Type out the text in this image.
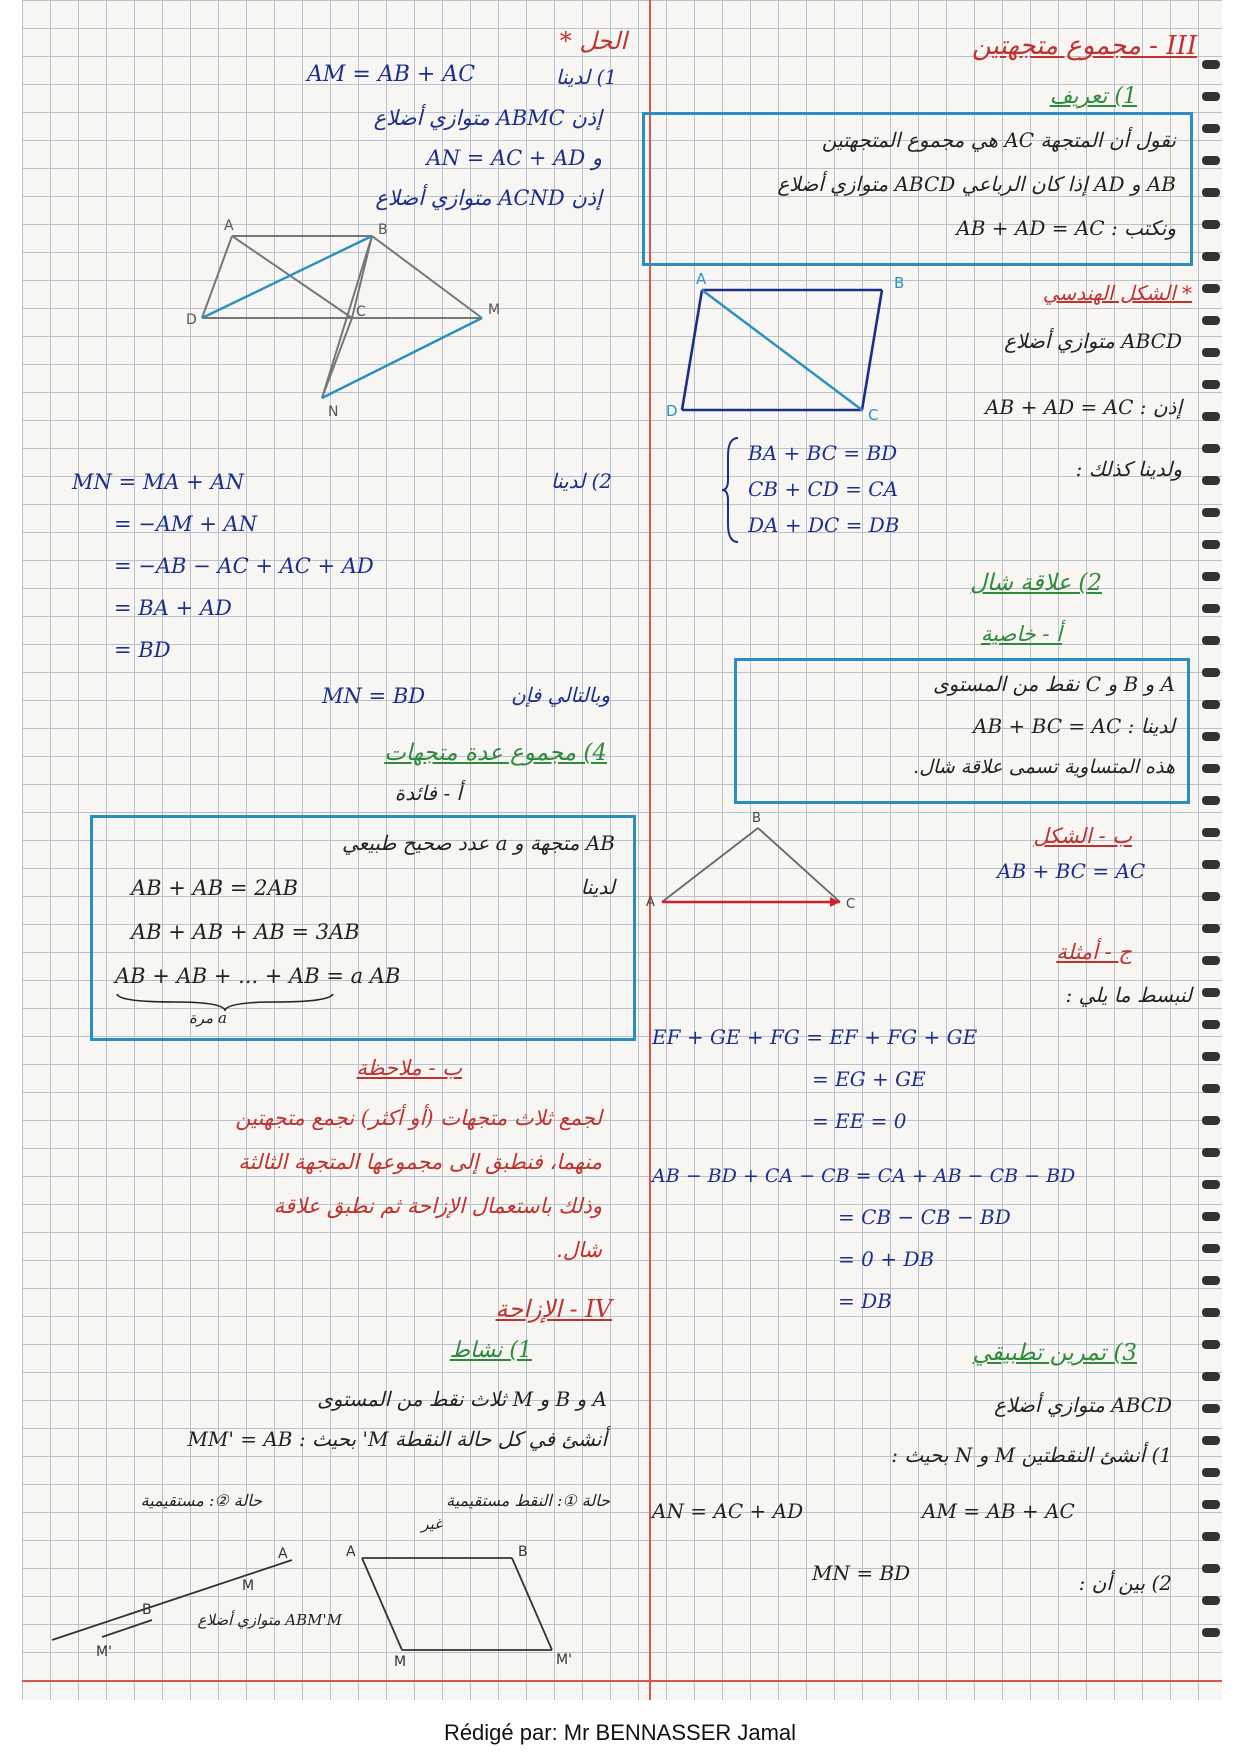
الحل *
1) لدينا
AM = AB + AC
إذن ABMC متوازي أضلاع
و AN = AC + AD
إذن ACND متوازي أضلاع
A	B
D	C	M
N
2) لدينا
MN = MA + AN
= −AM + AN
= −AB − AC + AC + AD
= BA + AD
= BD
وبالتالي فإن
MN = BD
4) مجموع عدة متجهات
أ - فائدة
AB متجهة و a عدد صحيح طبيعي
لدينا
AB + AB = 2AB
AB + AB + AB = 3AB
AB + AB + ... + AB = a AB
a مرة
ب - ملاحظة
لجمع ثلاث متجهات (أو أكثر) نجمع متجهتين
منهما، فنطبق إلى مجموعها المتجهة الثالثة
وذلك باستعمال الإزاحة ثم نطبق علاقة
شال.
IV - الإزاحة
1) نشاط
A و B و M ثلاث نقط من المستوى
أنشئ في كل حالة النقطة M' بحيث : MM' = AB
حالة ①: النقط مستقيمية
غير
حالة ②: مستقيمية
A
B
M
M'
A
M
B
M'
ABM'M متوازي أضلاع
III - مجموع متجهتين
1) تعريف
نقول أن المتجهة AC هي مجموع المتجهتين
AB و AD إذا كان الرباعي ABCD متوازي أضلاع
ونكتب : AB + AD = AC
* الشكل الهندسي
ABCD متوازي أضلاع
إذن : AB + AD = AC
ولدينا كذلك :
A	B
C
D
BA + BC = BD
CB + CD = CA
DA + DC = DB
2) علاقة شال
أ - خاصية
A و B و C نقط من المستوى
لدينا : AB + BC = AC
هذه المتساوية تسمى علاقة شال.
ب - الشكل
AB + BC = AC
A
B
C
ج - أمثلة
لنبسط ما يلي :
EF + GE + FG = EF + FG + GE
= EG + GE
= EE = 0
AB − BD + CA − CB = CA + AB − CB − BD
= CB − CB − BD
= 0 + DB
= DB
3) تمرين تطبيقي
ABCD متوازي أضلاع
1) أنشئ النقطتين M و N بحيث :
AM = AB + AC
AN = AC + AD
2) بين أن :
MN = BD
Rédigé par: Mr BENNASSER Jamal
